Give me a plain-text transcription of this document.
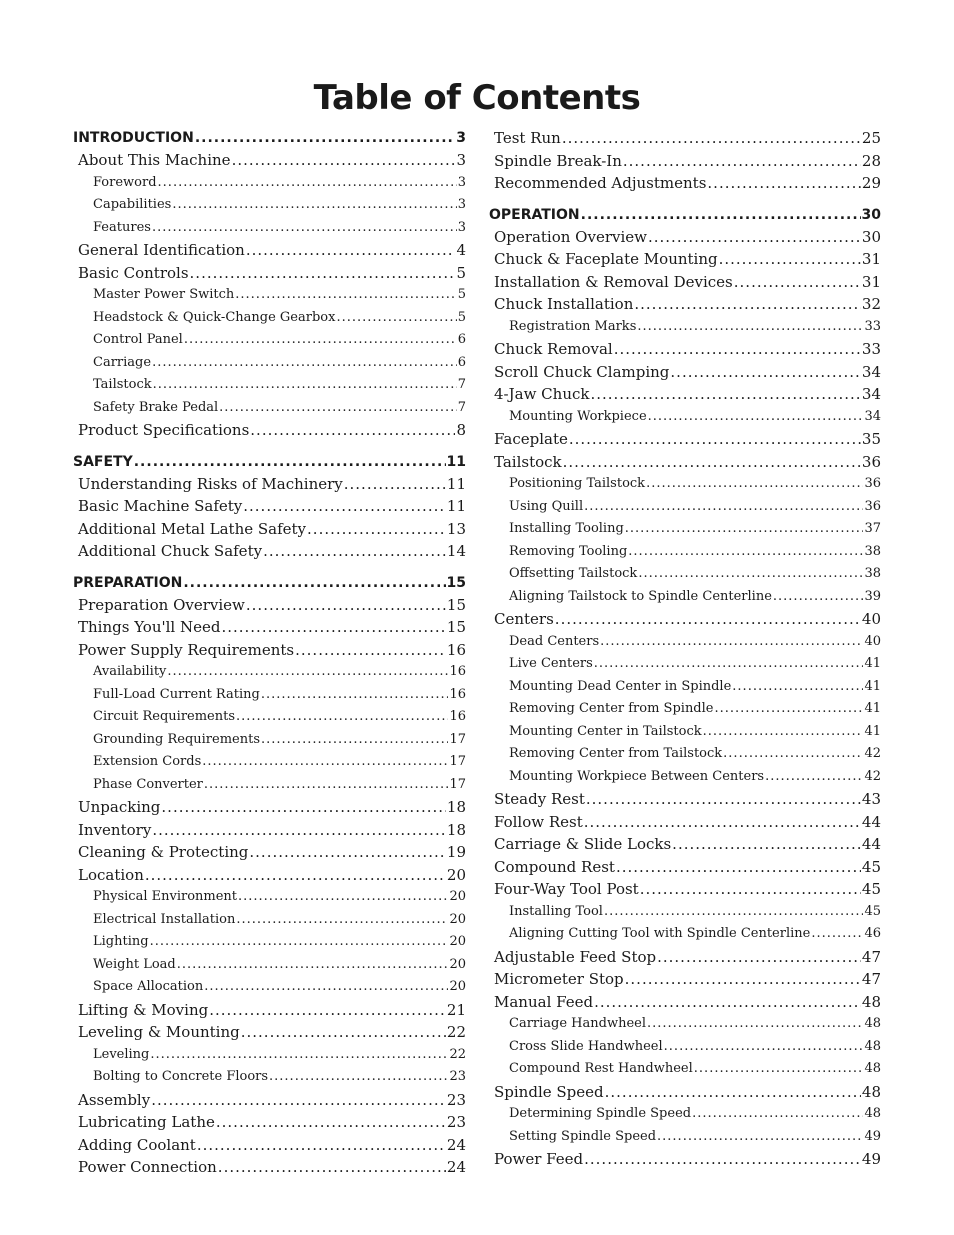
Table of Contents
INTRODUCTION .....	3
About This Machine .....	3
Foreword .....	3
Capabilities .....	3
Features .....	3
General Identification .....	4
Basic Controls .....	5
Master Power Switch .....	5
Headstock & Quick-Change Gearbox .....	5
Control Panel .....	6
Carriage .....	6
Tailstock .....	7
Safety Brake Pedal .....	7
Product Specifications .....	8
SAFETY .....	11
Understanding Risks of Machinery .....	11
Basic Machine Safety .....	11
Additional Metal Lathe Safety .....	13
Additional Chuck Safety .....	14
PREPARATION .....	15
Preparation Overview .....	15
Things You'll Need .....	15
Power Supply Requirements .....	16
Availability .....	16
Full-Load Current Rating .....	16
Circuit Requirements .....	16
Grounding Requirements .....	17
Extension Cords .....	17
Phase Converter .....	17
Unpacking .....	18
Inventory .....	18
Cleaning & Protecting .....	19
Location .....	20
Physical Environment .....	20
Electrical Installation .....	20
Lighting .....	20
Weight Load .....	20
Space Allocation .....	20
Lifting & Moving .....	21
Leveling & Mounting .....	22
Leveling .....	22
Bolting to Concrete Floors .....	23
Assembly .....	23
Lubricating Lathe .....	23
Adding Coolant .....	24
Power Connection .....	24
Test Run .....	25
Spindle Break-In .....	28
Recommended Adjustments .....	29
OPERATION .....	30
Operation Overview .....	30
Chuck & Faceplate Mounting .....	31
Installation & Removal Devices .....	31
Chuck Installation .....	32
Registration Marks .....	33
Chuck Removal .....	33
Scroll Chuck Clamping .....	34
4-Jaw Chuck .....	34
Mounting Workpiece .....	34
Faceplate .....	35
Tailstock .....	36
Positioning Tailstock .....	36
Using Quill .....	36
Installing Tooling .....	37
Removing Tooling .....	38
Offsetting Tailstock .....	38
Aligning Tailstock to Spindle Centerline .....	39
Centers .....	40
Dead Centers .....	40
Live Centers .....	41
Mounting Dead Center in Spindle .....	41
Removing Center from Spindle .....	41
Mounting Center in Tailstock .....	41
Removing Center from Tailstock .....	42
Mounting Workpiece Between Centers .....	42
Steady Rest .....	43
Follow Rest .....	44
Carriage & Slide Locks .....	44
Compound Rest .....	45
Four-Way Tool Post .....	45
Installing Tool .....	45
Aligning Cutting Tool with Spindle Centerline .....	46
Adjustable Feed Stop .....	47
Micrometer Stop .....	47
Manual Feed .....	48
Carriage Handwheel .....	48
Cross Slide Handwheel .....	48
Compound Rest Handwheel .....	48
Spindle Speed .....	48
Determining Spindle Speed .....	48
Setting Spindle Speed .....	49
Power Feed .....	49
